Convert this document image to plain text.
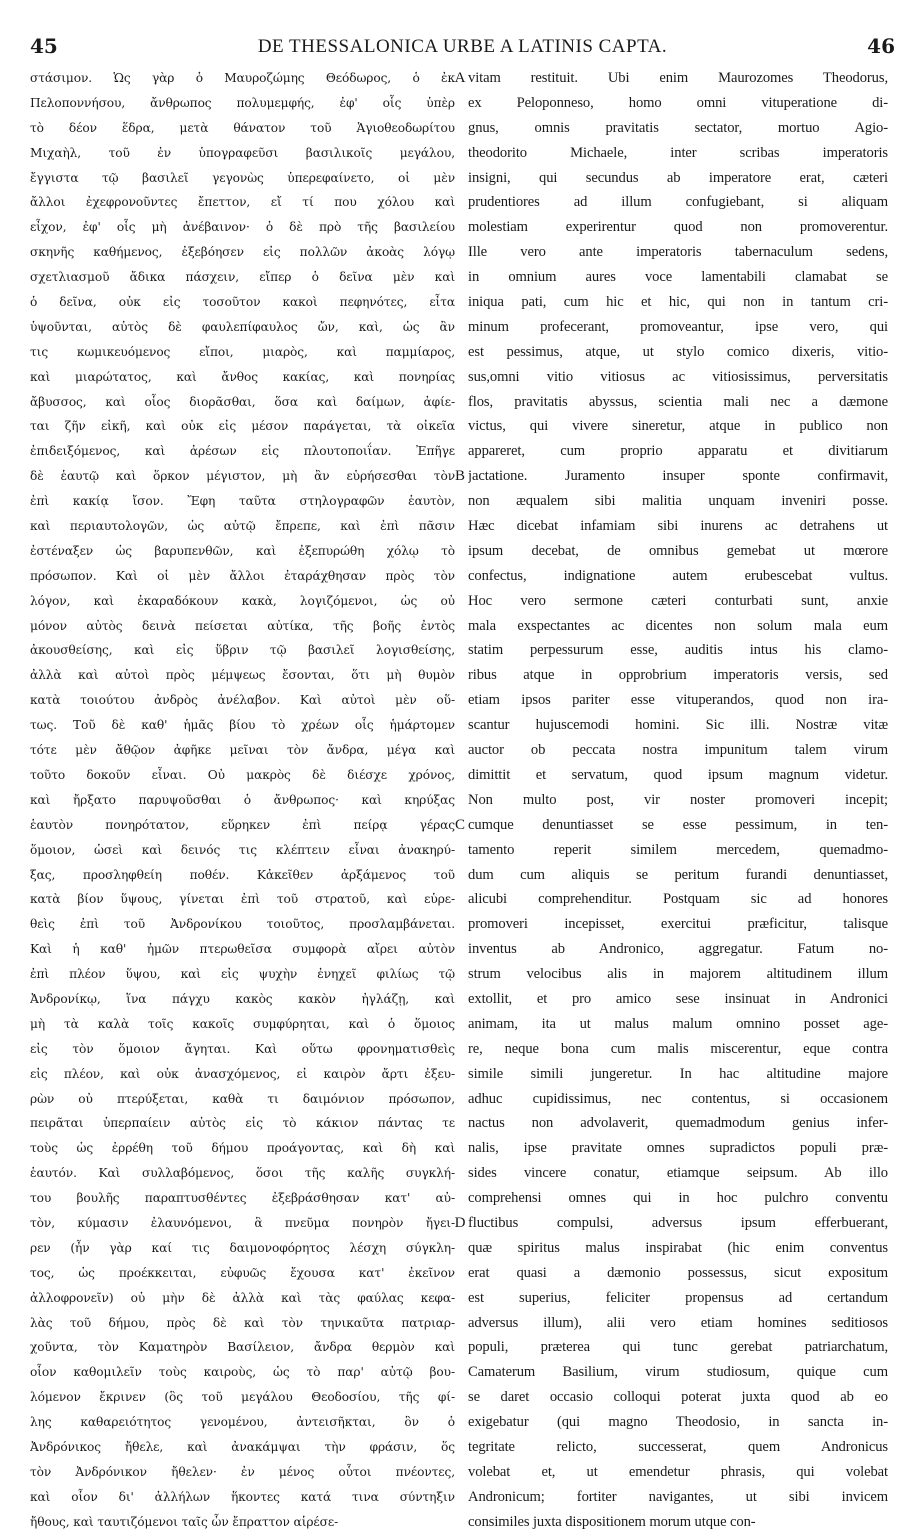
45	DE THESSALONICA URBE A LATINIS CAPTA.	46
στάσιμον. Ὡς γὰρ ὁ Μαυροζώμης Θεόδωρος, ὁ ἐκ
Πελοποννήσου, ἄνθρωπος πολυμεμφής, ἐφ' οἷς ὑπὲρ
τὸ δέον ἕδρα, μετὰ θάνατον τοῦ Ἁγιοθεοδωρίτου
Μιχαὴλ, τοῦ ἐν ὑπογραφεῦσι βασιλικοῖς μεγάλου,
ἔγγιστα τῷ βασιλεῖ γεγονὼς ὑπερεφαίνετο, οἱ μὲν
ἄλλοι ἐχεφρονοῦντες ἔπεττον, εἴ τί που χόλου καὶ
εἶχον, ἐφ' οἷς μὴ ἀνέβαινον· ὁ δὲ πρὸ τῆς βασιλείου
σκηνῆς καθήμενος, ἐξεβόησεν εἰς πολλῶν ἀκοὰς λόγῳ
σχετλιασμοῦ ἄδικα πάσχειν, εἴπερ ὁ δεῖνα μὲν καὶ
ὁ δεῖνα, οὐκ εἰς τοσοῦτον κακοὶ πεφηνότες, εἶτα
ὑψοῦνται, αὐτὸς δὲ φαυλεπίφαυλος ὤν, καὶ, ὡς ἂν
τις κωμικευόμενος εἴποι, μιαρὸς, καὶ παμμίαρος,
καὶ μιαρώτατος, καὶ ἄνθος κακίας, καὶ πονηρίας
ἄβυσσος, καὶ οἷος διορᾶσθαι, ὅσα καὶ δαίμων, ἀφίε-
ται ζῆν εἰκῆ, καὶ οὐκ εἰς μέσον παράγεται, τὰ οἰκεῖα
ἐπιδειξόμενος, καὶ ἀρέσων εἰς πλουτοποιΐαν. Ἐπῆγε
δὲ ἑαυτῷ καὶ ὅρκον μέγιστον, μὴ ἂν εὑρήσεσθαι τὸν
ἐπὶ κακίᾳ ἴσον. Ἔφη ταῦτα στηλογραφῶν ἑαυτὸν,
καὶ περιαυτολογῶν, ὡς αὐτῷ ἔπρεπε, καὶ ἐπὶ πᾶσιν
ἐστέναξεν ὡς βαρυπενθῶν, καὶ ἐξεπυρώθη χόλῳ τὸ
πρόσωπον. Καὶ οἱ μὲν ἄλλοι ἐταράχθησαν πρὸς τὸν
λόγον, καὶ ἐκαραδόκουν κακὰ, λογιζόμενοι, ὡς οὐ
μόνον αὐτὸς δεινὰ πείσεται αὐτίκα, τῆς βοῆς ἐντὸς
ἀκουσθείσης, καὶ εἰς ὕβριν τῷ βασιλεῖ λογισθείσης,
ἀλλὰ καὶ αὐτοὶ πρὸς μέμψεως ἔσονται, ὅτι μὴ θυμὸν
κατὰ τοιούτου ἀνδρὸς ἀνέλαβον. Καὶ αὐτοὶ μὲν οὕ-
τως. Τοῦ δὲ καθ' ἡμᾶς βίου τὸ χρέων οἷς ἡμάρτομεν
τότε μὲν ἄθῷον ἀφῆκε μεῖναι τὸν ἄνδρα, μέγα καὶ
τοῦτο δοκοῦν εἶναι. Οὐ μακρὸς δὲ διέσχε χρόνος,
καὶ ἤρξατο παρυψοῦσθαι ὁ ἄνθρωπος· καὶ κηρύξας
ἑαυτὸν πονηρότατον, εὕρηκεν ἐπὶ πείρᾳ γέρας
ὅμοιον, ὡσεὶ καὶ δεινός τις κλέπτειν εἶναι ἀνακηρύ-
ξας, προσληφθείη ποθέν. Κἀκεῖθεν ἀρξάμενος τοῦ
κατὰ βίον ὕψους, γίνεται ἐπὶ τοῦ στρατοῦ, καὶ εὑρε-
θεὶς ἐπὶ τοῦ Ἀνδρονίκου τοιοῦτος, προσλαμβάνεται.
Καὶ ἡ καθ' ἡμῶν πτερωθεῖσα συμφορὰ αἴρει αὐτὸν
ἐπὶ πλέον ὕψου, καὶ εἰς ψυχὴν ἐνηχεῖ φιλίως τῷ
Ἀνδρονίκῳ, ἵνα πάγχυ κακὸς κακὸν ἠγλάζῃ, καὶ
μὴ τὰ καλὰ τοῖς κακοῖς συμφύρηται, καὶ ὁ ὅμοιος
εἰς τὸν ὅμοιον ἄγηται. Καὶ οὕτω φρονηματισθεὶς
εἰς πλέον, καὶ οὐκ ἀνασχόμενος, εἰ καιρὸν ἄρτι ἐξευ-
ρὼν οὐ πτερύξεται, καθὰ τι δαιμόνιον πρόσωπον,
πειρᾶται ὑπερπαίειν αὐτὸς εἰς τὸ κάκιον πάντας τε
τοὺς ὡς ἐρρέθη τοῦ δήμου προάγοντας, καὶ δὴ καὶ
ἑαυτόν. Καὶ συλλαβόμενος, ὅσοι τῆς καλῆς συγκλή-
του βουλῆς παραπτυσθέντες ἐξεβράσθησαν κατ' αὐ-
τὸν, κύμασιν ἐλαυνόμενοι, ἃ πνεῦμα πονηρὸν ἤγει-
ρεν (ἦν γὰρ καί τις δαιμονοφόρητος λέσχη σύγκλη-
τος, ὡς προέκκειται, εὐφυῶς ἔχουσα κατ' ἐκεῖνον
ἀλλοφρονεῖν) οὐ μὴν δὲ ἀλλὰ καὶ τὰς φαύλας κεφα-
λὰς τοῦ δήμου, πρὸς δὲ καὶ τὸν τηνικαῦτα πατριαρ-
χοῦντα, τὸν Καματηρὸν Βασίλειον, ἄνδρα θερμὸν καὶ
οἷον καθομιλεῖν τοὺς καιροὺς, ὡς τὸ παρ' αὐτῷ βου-
λόμενον ἔκρινεν (ὃς τοῦ μεγάλου Θεοδοσίου, τῆς φί-
λης καθαρειότητος γενομένου, ἀντεισῆκται, ὃν ὁ
Ἀνδρόνικος ἤθελε, καὶ ἀνακάμψαι τὴν φράσιν, ὅς
τὸν Ἀνδρόνικον ἤθελεν· ἐν μένος οὗτοι πνέοντες,
καὶ οἷον δι' ἀλλήλων ἥκοντες κατά τινα σύντηξιν
ἤθους, καὶ ταυτιζόμενοι ταῖς ὧν ἔπραττον αἱρέσε-
A
B
C
D
vitam restituit. Ubi enim Maurozomes Theodorus,
ex Peloponneso, homo omni vituperatione di-
gnus, omnis pravitatis sectator, mortuo Agio-
theodorito Michaele, inter scribas imperatoris
insigni, qui secundus ab imperatore erat, cæteri
prudentiores ad illum confugiebant, si aliquam
molestiam experirentur quod non promoverentur.
Ille vero ante imperatoris tabernaculum sedens,
in omnium aures voce lamentabili clamabat se
iniqua pati, cum hic et hic, qui non in tantum cri-
minum profecerant, promoveantur, ipse vero, qui
est pessimus, atque, ut stylo comico dixeris, vitio-
sus,omni vitio vitiosus ac vitiosissimus, perversitatis
flos, pravitatis abyssus, scientia mali nec a dæmone
victus, qui vivere sineretur, atque in publico non
appareret, cum proprio apparatu et divitiarum
jactatione. Juramento insuper sponte confirmavit,
non æqualem sibi malitia unquam inveniri posse.
Hæc dicebat infamiam sibi inurens ac detrahens ut
ipsum decebat, de omnibus gemebat ut mœrore
confectus, indignatione autem erubescebat vultus.
Hoc vero sermone cæteri conturbati sunt, anxie
mala exspectantes ac dicentes non solum mala eum
statim perpessurum esse, auditis intus his clamo-
ribus atque in opprobrium imperatoris versis, sed
etiam ipsos pariter esse vituperandos, quod non ira-
scantur hujuscemodi homini. Sic illi. Nostræ vitæ
auctor ob peccata nostra impunitum talem virum
dimittit et servatum, quod ipsum magnum videtur.
Non multo post, vir noster promoveri incepit;
cumque denuntiasset se esse pessimum, in ten-
tamento reperit similem mercedem, quemadmo-
dum cum aliquis se peritum furandi denuntiasset,
alicubi comprehenditur. Postquam sic ad honores
promoveri incepisset, exercitui præficitur, talisque
inventus ab Andronico, aggregatur. Fatum no-
strum velocibus alis in majorem altitudinem illum
extollit, et pro amico sese insinuat in Andronici
animam, ita ut malus malum omnino posset age-
re, neque bona cum malis miscerentur, eque contra
simile simili jungeretur. In hac altitudine majore
adhuc cupidissimus, nec contentus, si occasionem
nactus non advolaverit, quemadmodum genius infer-
nalis, ipse pravitate omnes supradictos populi præ-
sides vincere conatur, etiamque seipsum. Ab illo
comprehensi omnes qui in hoc pulchro conventu
fluctibus compulsi, adversus ipsum efferbuerant,
quæ spiritus malus inspirabat (hic enim conventus
erat quasi a dæmonio possessus, sicut expositum
est superius, feliciter propensus ad certandum
adversus illum), alii vero etiam homines seditiosos
populi, præterea qui tunc gerebat patriarchatum,
Camaterum Basilium, virum studiosum, quique cum
se daret occasio colloqui poterat juxta quod ab eo
exigebatur (qui magno Theodosio, in sancta in-
tegritate relicto, successerat, quem Andronicus
volebat et, ut emendetur phrasis, qui volebat
Andronicum; fortiter navigantes, ut sibi invicem
consimiles juxta dispositionem morum utque con-
